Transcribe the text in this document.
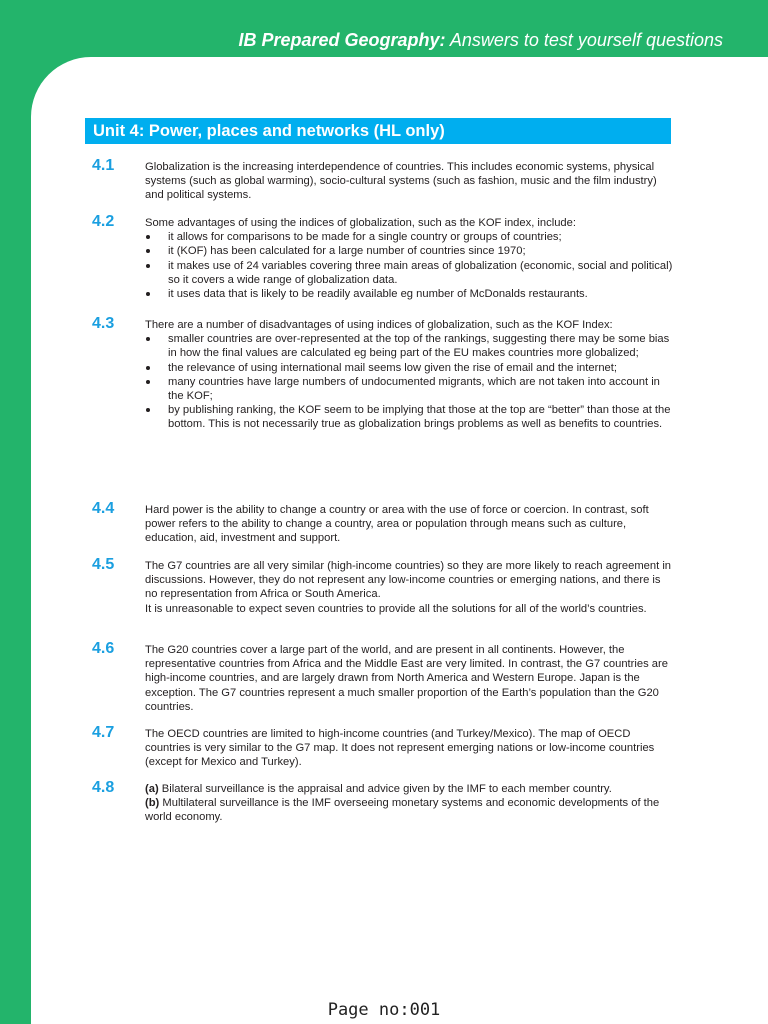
IB Prepared Geography: Answers to test yourself questions
Unit 4: Power, places and networks (HL only)
4.1	Globalization is the increasing interdependence of countries. This includes economic systems, physical systems (such as global warming), socio-cultural systems (such as fashion, music and the film industry) and political systems.

4.2	Some advantages of using the indices of globalization, such as the KOF index, include:

it allows for comparisons to be made for a single country or groups of countries;
it (KOF) has been calculated for a large number of countries since 1970;
it makes use of 24 variables covering three main areas of globalization (economic, social and political) so it covers a wide range of globalization data.
it uses data that is likely to be readily available eg number of McDonalds restaurants.
4.3	There are a number of disadvantages of using indices of globalization, such as the KOF Index:

smaller countries are over-represented at the top of the rankings, suggesting there may be some bias in how the final values are calculated eg being part of the EU makes countries more globalized;
the relevance of using international mail seems low given the rise of email and the internet;
many countries have large numbers of undocumented migrants, which are not taken into account in the KOF;
by publishing ranking, the KOF seem to be implying that those at the top are “better” than those at the bottom. This is not necessarily true as globalization brings problems as well as benefits to countries.
4.4	Hard power is the ability to change a country or area with the use of force or coercion. In contrast, soft power refers to the ability to change a country, area or population through means such as culture, education, aid, investment and support.

4.5	The G7 countries are all very similar (high-income countries) so they are more likely to reach agreement in discussions. However, they do not represent any low-income countries or emerging nations, and there is no representation from Africa or South America.

It is unreasonable to expect seven countries to provide all the solutions for all of the world’s countries.

4.6	The G20 countries cover a large part of the world, and are present in all continents. However, the representative countries from Africa and the Middle East are very limited. In contrast, the G7 countries are high-income countries, and are largely drawn from North America and Western Europe. Japan is the exception. The G7 countries represent a much smaller proportion of the Earth’s population than the G20 countries.

4.7	The OECD countries are limited to high-income countries (and Turkey/Mexico). The map of OECD countries is very similar to the G7 map. It does not represent emerging nations or low-income countries (except for Mexico and Turkey).

4.8	(a) Bilateral surveillance is the appraisal and advice given by the IMF to each member country.

(b) Multilateral surveillance is the IMF overseeing monetary systems and economic developments of the world economy.

Page no:001
